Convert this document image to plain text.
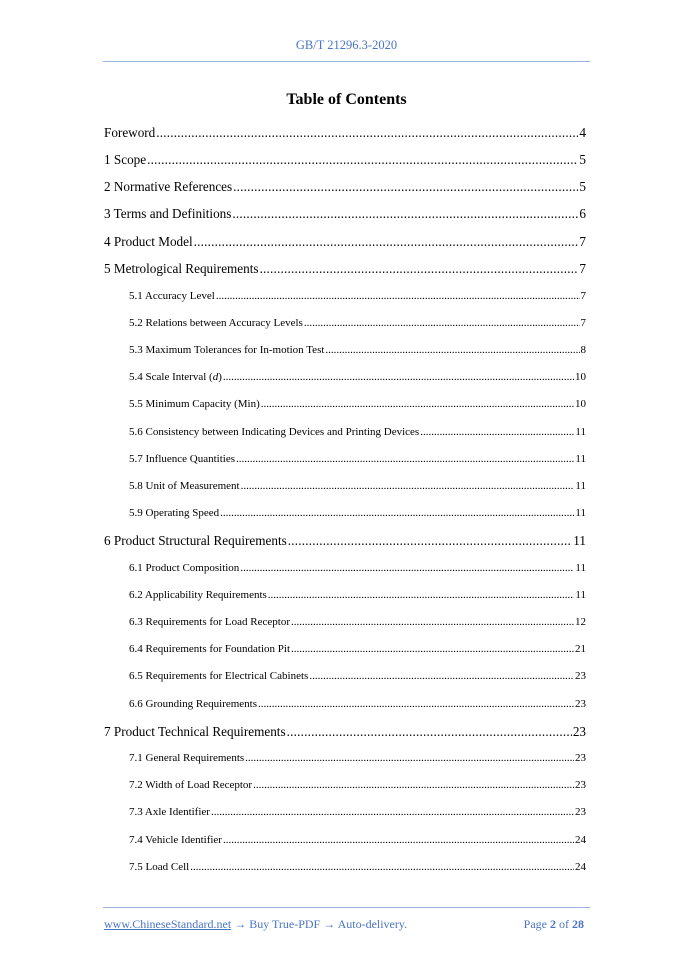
GB/T 21296.3-2020
Table of Contents
Foreword .....	4
1 Scope .....	5
2 Normative References .....	5
3 Terms and Definitions .....	6
4 Product Model .....	7
5 Metrological Requirements .....	7
5.1 Accuracy Level .....	7
5.2 Relations between Accuracy Levels .....	7
5.3 Maximum Tolerances for In-motion Test .....	8
5.4 Scale Interval (d) .....	10
5.5 Minimum Capacity (Min) .....	10
5.6 Consistency between Indicating Devices and Printing Devices .....	11
5.7 Influence Quantities .....	11
5.8 Unit of Measurement .....	11
5.9 Operating Speed .....	11
6 Product Structural Requirements .....	11
6.1 Product Composition .....	11
6.2 Applicability Requirements .....	11
6.3 Requirements for Load Receptor .....	12
6.4 Requirements for Foundation Pit .....	21
6.5 Requirements for Electrical Cabinets .....	23
6.6 Grounding Requirements .....	23
7 Product Technical Requirements .....	23
7.1 General Requirements .....	23
7.2 Width of Load Receptor .....	23
7.3 Axle Identifier .....	23
7.4 Vehicle Identifier .....	24
7.5 Load Cell .....	24
www.ChineseStandard.net → Buy True-PDF → Auto-delivery.	Page 2 of 28
